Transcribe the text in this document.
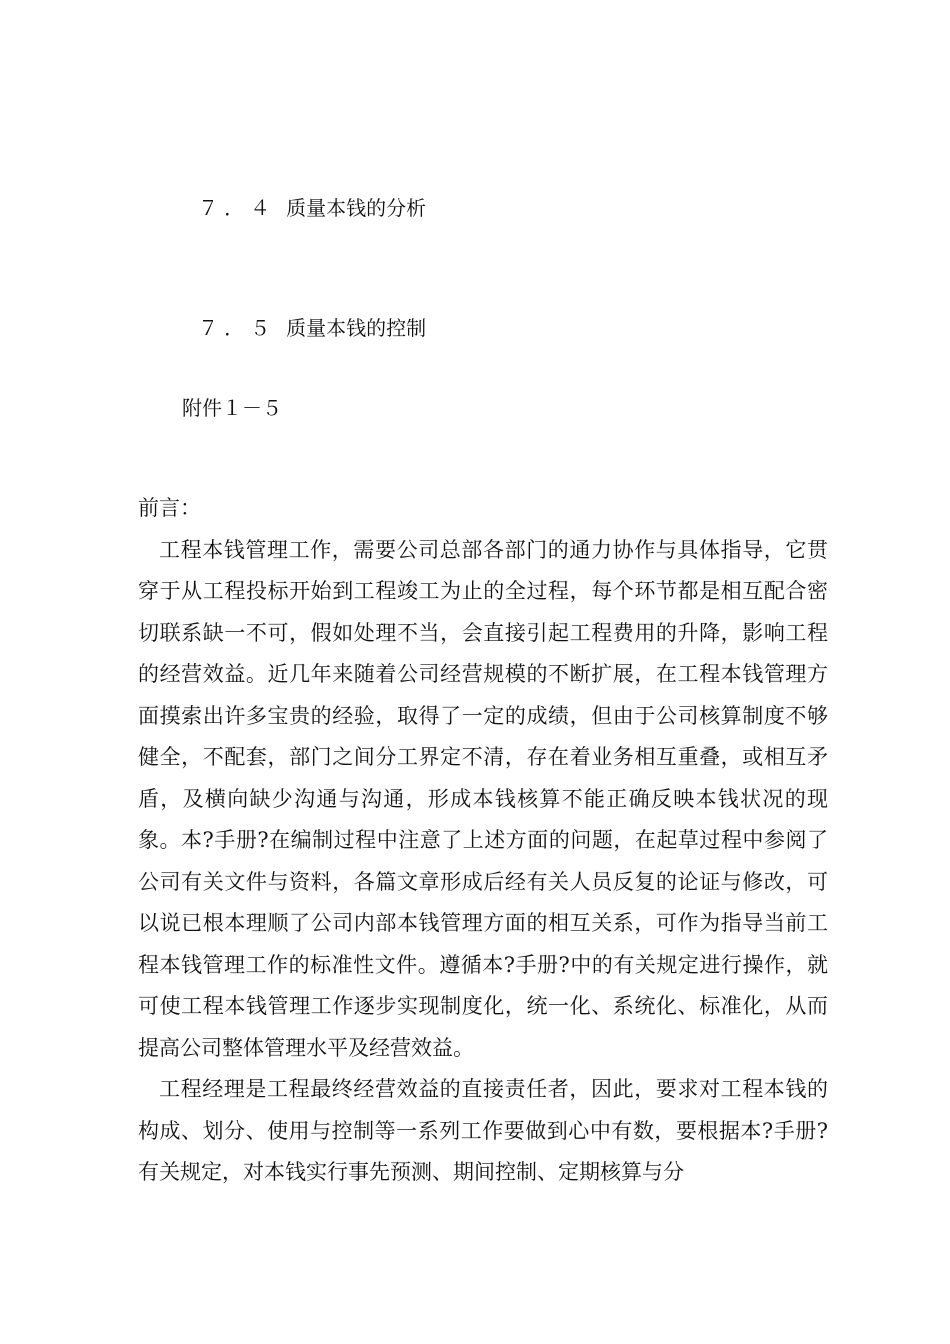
７．４ 质量本钱的分析

７．５ 质量本钱的控制

附件１－５

前言：

工程本钱管理工作，需要公司总部各部门的通力协作与具体指导，它贯穿于从工程投标开始到工程竣工为止的全过程，每个环节都是相互配合密切联系缺一不可，假如处理不当，会直接引起工程费用的升降，影响工程的经营效益。近几年来随着公司经营规模的不断扩展，在工程本钱管理方面摸索出许多宝贵的经验，取得了一定的成绩，但由于公司核算制度不够健全，不配套，部门之间分工界定不清，存在着业务相互重叠，或相互矛盾，及横向缺少沟通与沟通，形成本钱核算不能正确反映本钱状况的现象。本?手册?在编制过程中注意了上述方面的问题，在起草过程中参阅了公司有关文件与资料，各篇文章形成后经有关人员反复的论证与修改，可以说已根本理顺了公司内部本钱管理方面的相互关系，可作为指导当前工程本钱管理工作的标准性文件。遵循本?手册?中的有关规定进行操作，就可使工程本钱管理工作逐步实现制度化，统一化、系统化、标准化，从而提高公司整体管理水平及经营效益。

工程经理是工程最终经营效益的直接责任者，因此，要求对工程本钱的构成、划分、使用与控制等一系列工作要做到心中有数，要根据本?手册?有关规定，对本钱实行事先预测、期间控制、定期核算与分
